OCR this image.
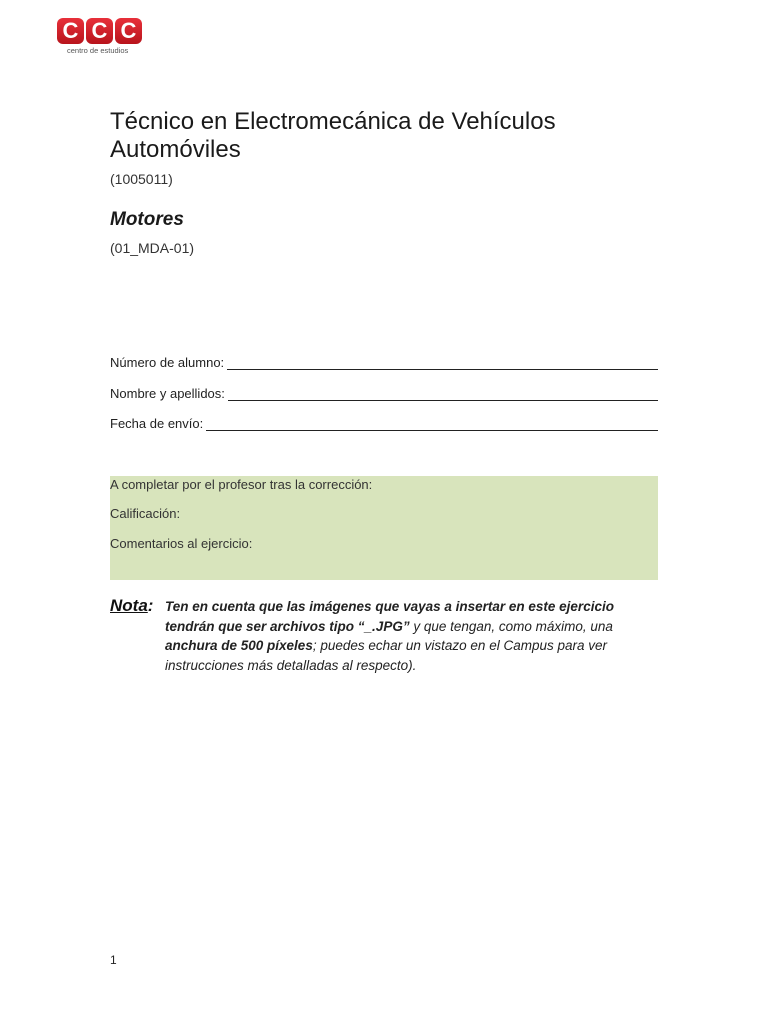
C C C
centro de estudios
Técnico en Electromecánica de Vehículos Automóviles
(1005011)
Motores
(01_MDA-01)
Número de alumno:
Nombre y apellidos:
Fecha de envío:
A completar por el profesor tras la corrección:
Calificación:
Comentarios al ejercicio:
Nota: Ten en cuenta que las imágenes que vayas a insertar en este ejercicio tendrán que ser archivos tipo “_.JPG” y que tengan, como máximo, una anchura de 500 píxeles; puedes echar un vistazo en el Campus para ver instrucciones más detalladas al respecto).
1
